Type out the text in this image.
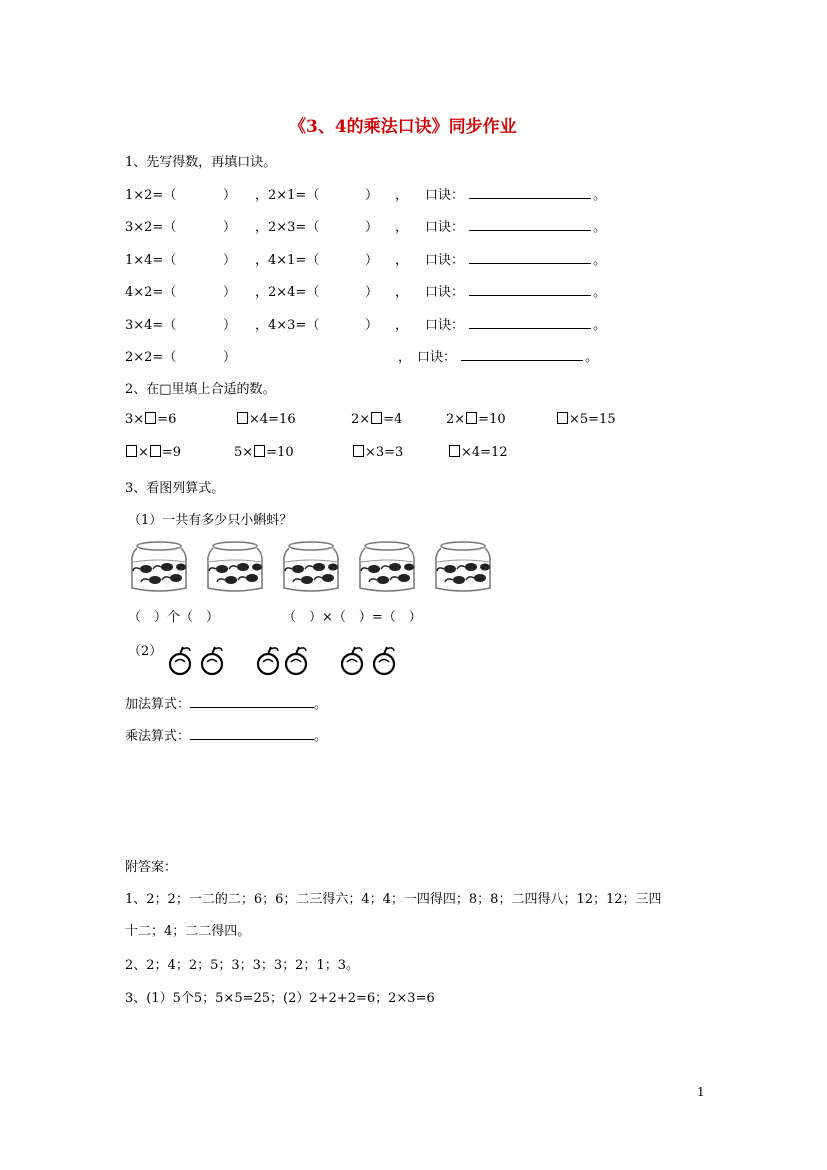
《3、4的乘法口诀》同步作业
1、先写得数，再填口诀。
1×2=（	） ，2×1=（	） ， 口诀：	。
3×2=（	） ，2×3=（	） ， 口诀：	。
1×4=（	） ，4×1=（	） ， 口诀：	。
4×2=（	） ，2×4=（	） ， 口诀：	。
3×4=（	） ，4×3=（	） ， 口诀：	。
2×2=（	）	， 口诀：	。
2、在□里填上合适的数。
3× =6	×4=16	2× =4	2× =10	×5=15
× =9	5× =10	×3=3	×4=12
3、看图列算式。
（1）一共有多少只小蝌蚪？
（　）个（　）	（　）×（　）=（　）
（2）
加法算式：	。
乘法算式：	。
附答案：
1、2；2；一二的二；6；6；二三得六；4；4；一四得四；8；8；二四得八；12；12；三四
十二；4；二二得四。
2、2；4；2；5；3；3；3；2；1；3。
3、(1）5个5；5×5=25；(2）2+2+2=6；2×3=6
1
